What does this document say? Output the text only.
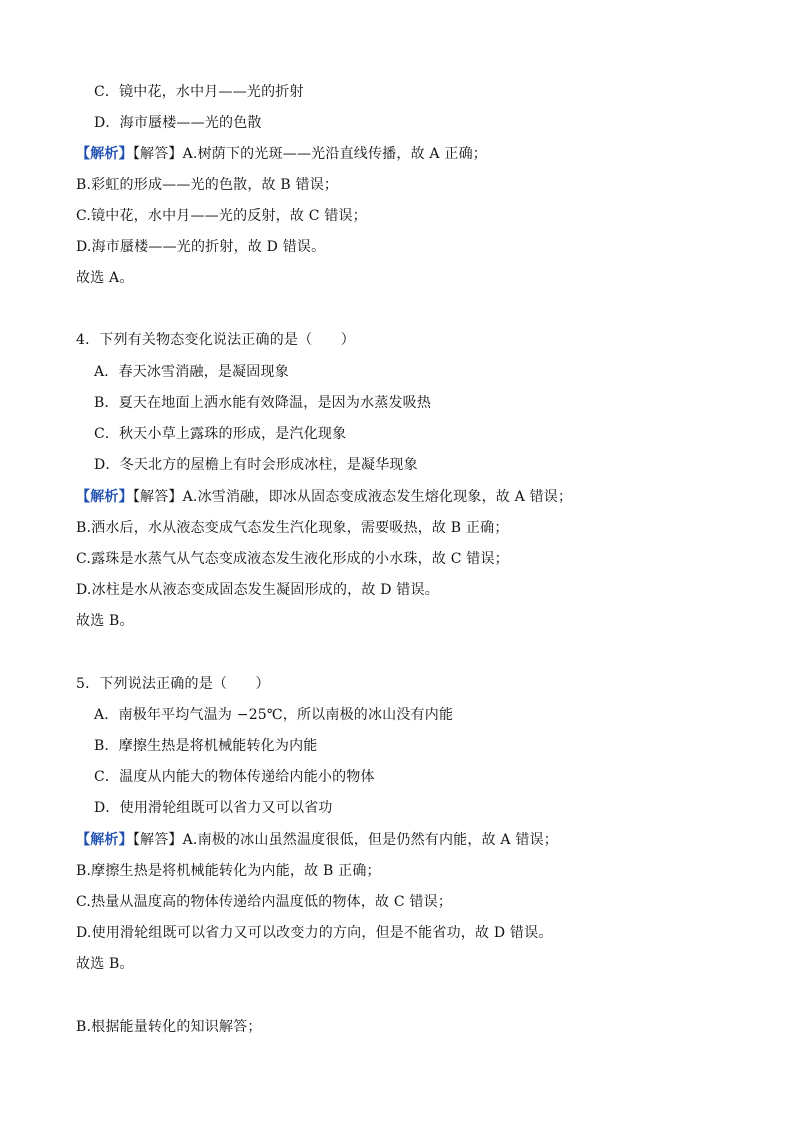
C．镜中花，水中月——光的折射
D．海市蜃楼——光的色散
【解析】【解答】A.树荫下的光斑——光沿直线传播，故 A 正确；
B.彩虹的形成——光的色散，故 B 错误；
C.镜中花，水中月——光的反射，故 C 错误；
D.海市蜃楼——光的折射，故 D 错误。
故选 A。
4．下列有关物态变化说法正确的是（　　）
A．春天冰雪消融，是凝固现象
B．夏天在地面上洒水能有效降温，是因为水蒸发吸热
C．秋天小草上露珠的形成，是汽化现象
D．冬天北方的屋檐上有时会形成冰柱，是凝华现象
【解析】【解答】A.冰雪消融，即冰从固态变成液态发生熔化现象，故 A 错误；
B.洒水后，水从液态变成气态发生汽化现象，需要吸热，故 B 正确；
C.露珠是水蒸气从气态变成液态发生液化形成的小水珠，故 C 错误；
D.冰柱是水从液态变成固态发生凝固形成的，故 D 错误。
故选 B。
5．下列说法正确的是（　　）
A．南极年平均气温为 −25℃，所以南极的冰山没有内能
B．摩擦生热是将机械能转化为内能
C．温度从内能大的物体传递给内能小的物体
D．使用滑轮组既可以省力又可以省功
【解析】【解答】A.南极的冰山虽然温度很低，但是仍然有内能，故 A 错误；
B.摩擦生热是将机械能转化为内能，故 B 正确；
C.热量从温度高的物体传递给内温度低的物体，故 C 错误；
D.使用滑轮组既可以省力又可以改变力的方向，但是不能省功，故 D 错误。
故选 B。
B.根据能量转化的知识解答；
